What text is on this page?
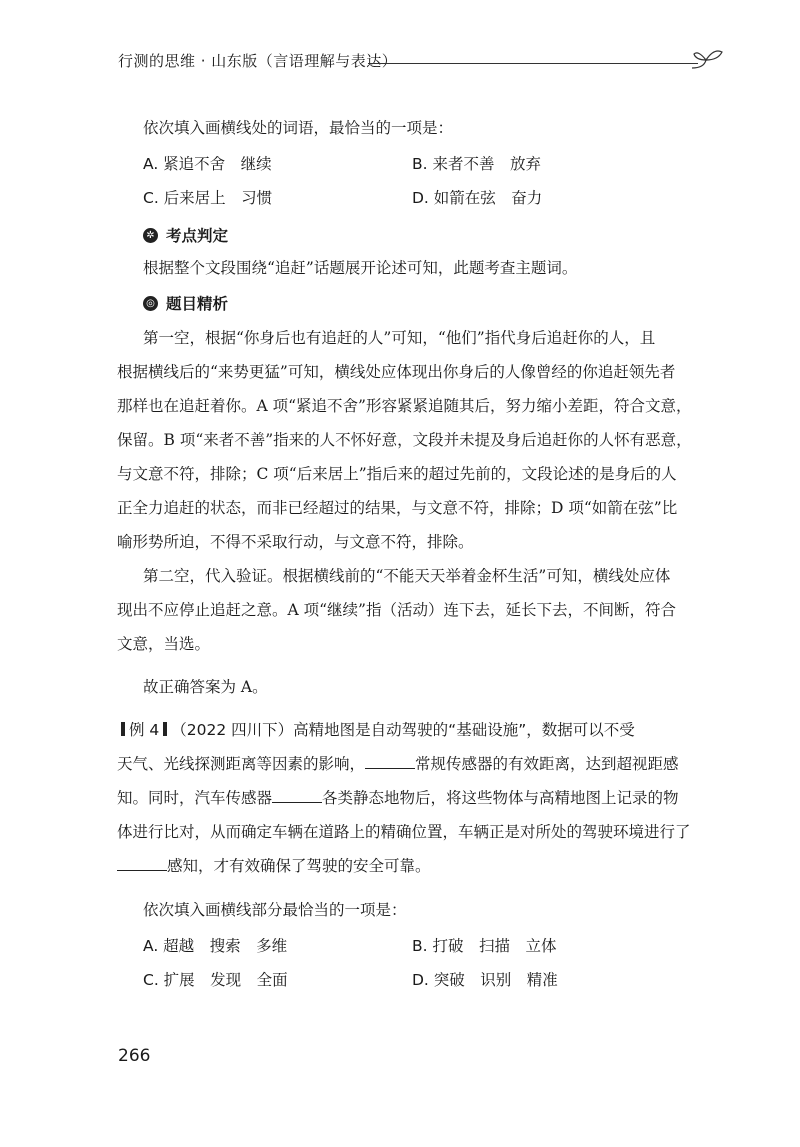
行测的思维 · 山东版（言语理解与表达）
依次填入画横线处的词语，最恰当的一项是：
A. 紧追不舍　继续	B. 来者不善　放弃
C. 后来居上　习惯	D. 如箭在弦　奋力
✲ 考点判定
根据整个文段围绕“追赶”话题展开论述可知，此题考查主题词。
◎ 题目精析
第一空，根据“你身后也有追赶的人”可知，“他们”指代身后追赶你的人，且
根据横线后的“来势更猛”可知，横线处应体现出你身后的人像曾经的你追赶领先者
那样也在追赶着你。A 项“紧追不舍”形容紧紧追随其后，努力缩小差距，符合文意，
保留。B 项“来者不善”指来的人不怀好意，文段并未提及身后追赶你的人怀有恶意，
与文意不符，排除；C 项“后来居上”指后来的超过先前的，文段论述的是身后的人
正全力追赶的状态，而非已经超过的结果，与文意不符，排除；D 项“如箭在弦”比
喻形势所迫，不得不采取行动，与文意不符，排除。
第二空，代入验证。根据横线前的“不能天天举着金杯生活”可知，横线处应体
现出不应停止追赶之意。A 项“继续”指（活动）连下去，延长下去，不间断，符合
文意，当选。
故正确答案为 A。
例 4 （2022 四川下）高精地图是自动驾驶的“基础设施”，数据可以不受
天气、光线探测距离等因素的影响，	常规传感器的有效距离，达到超视距感
知。同时，汽车传感器	各类静态地物后，将这些物体与高精地图上记录的物
体进行比对，从而确定车辆在道路上的精确位置，车辆正是对所处的驾驶环境进行了
感知，才有效确保了驾驶的安全可靠。
依次填入画横线部分最恰当的一项是：
A. 超越　搜索　多维	B. 打破　扫描　立体
C. 扩展　发现　全面	D. 突破　识别　精准
266
